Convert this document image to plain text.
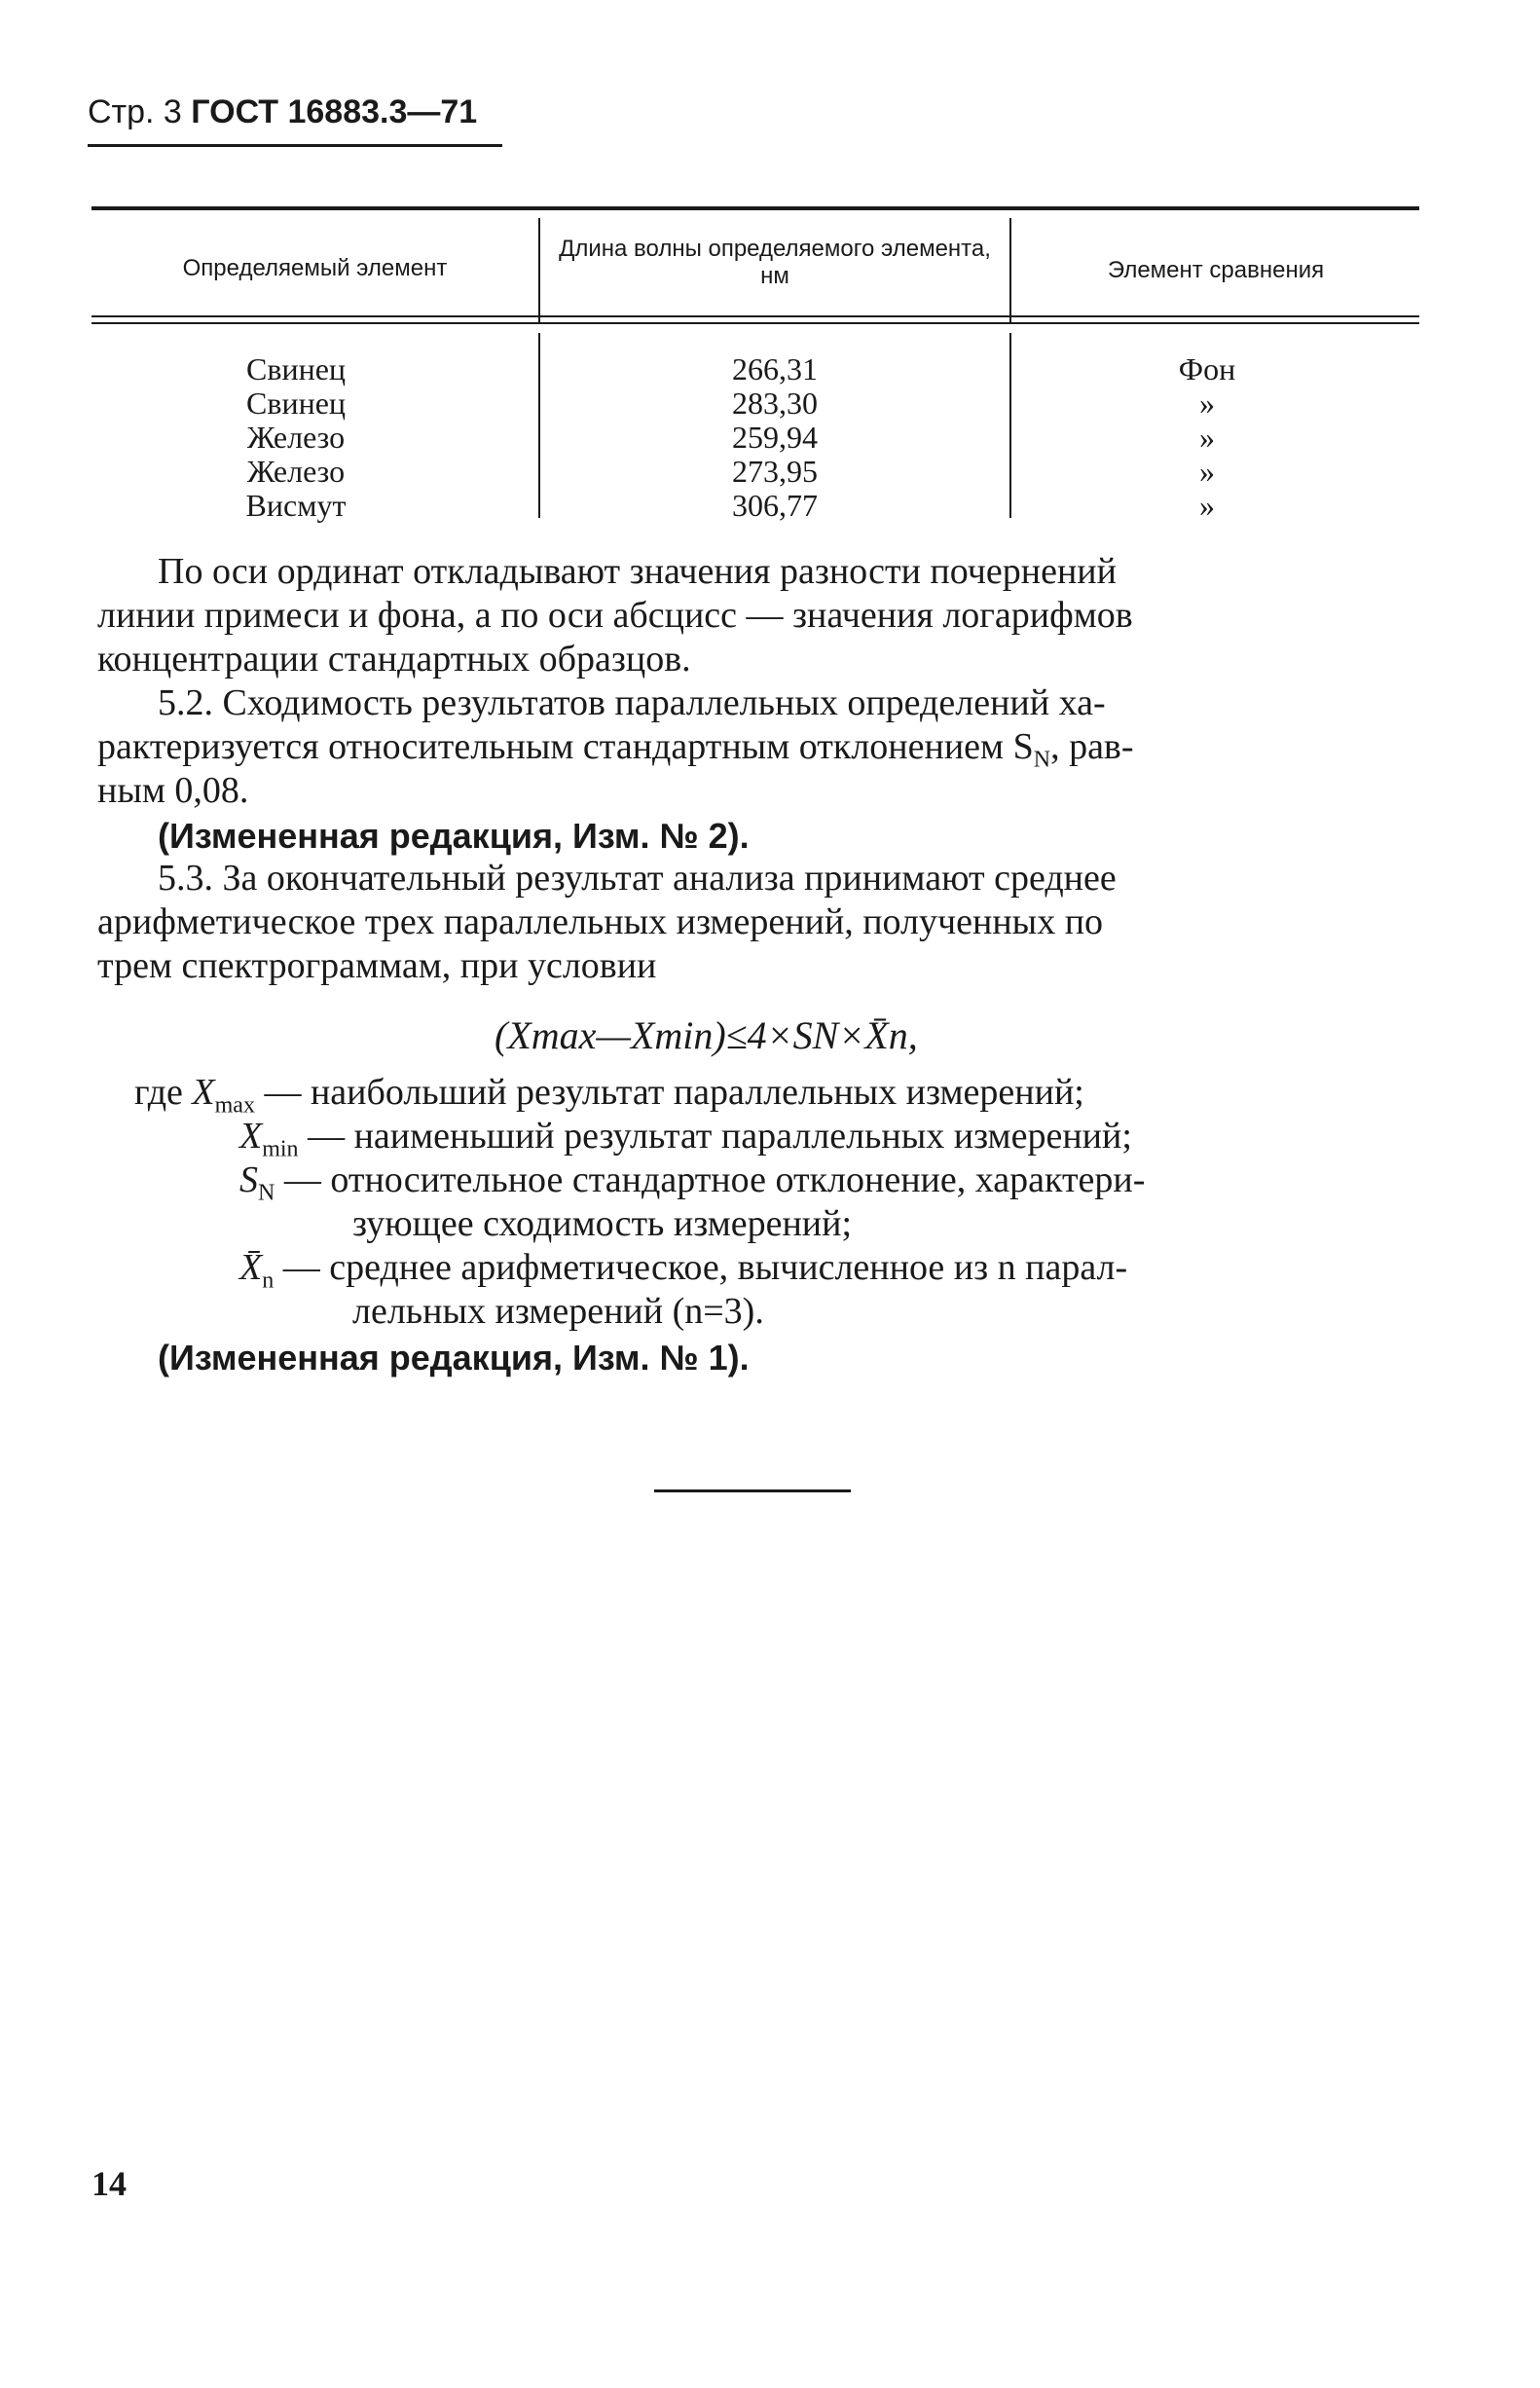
Стр. 3 ГОСТ 16883.3—71
Определяемый элемент
Длина волны определяемого элемента, нм	Элемент сравнения
Свинец
Свинец
Железо
Железо
Висмут
266,31
283,30
259,94
273,95
306,77
Фон
»
»
»
»
По оси ординат откладывают значения разности почернений
линии примеси и фона, а по оси абсцисс — значения логарифмов
концентрации стандартных образцов.
5.2. Сходимость результатов параллельных определений ха-
рактеризуется относительным стандартным отклонением $S_N$, рав-
ным 0,08.
(Измененная редакция, Изм. № 2).
5.3. За окончательный результат анализа принимают среднее
арифметическое трех параллельных измерений, полученных по
трем спектрограммам, при условии
(Xmax—Xmin)≤4×SN×X̄n,
где $X_{max}$ — наибольший результат параллельных измерений;
$X_{min}$ — наименьший результат параллельных измерений;
$S_N$ — относительное стандартное отклонение, характери-
зующее сходимость измерений;
$X̄_n$ — среднее арифметическое, вычисленное из n парал-
лельных измерений (n=3).
(Измененная редакция, Изм. № 1).
14
